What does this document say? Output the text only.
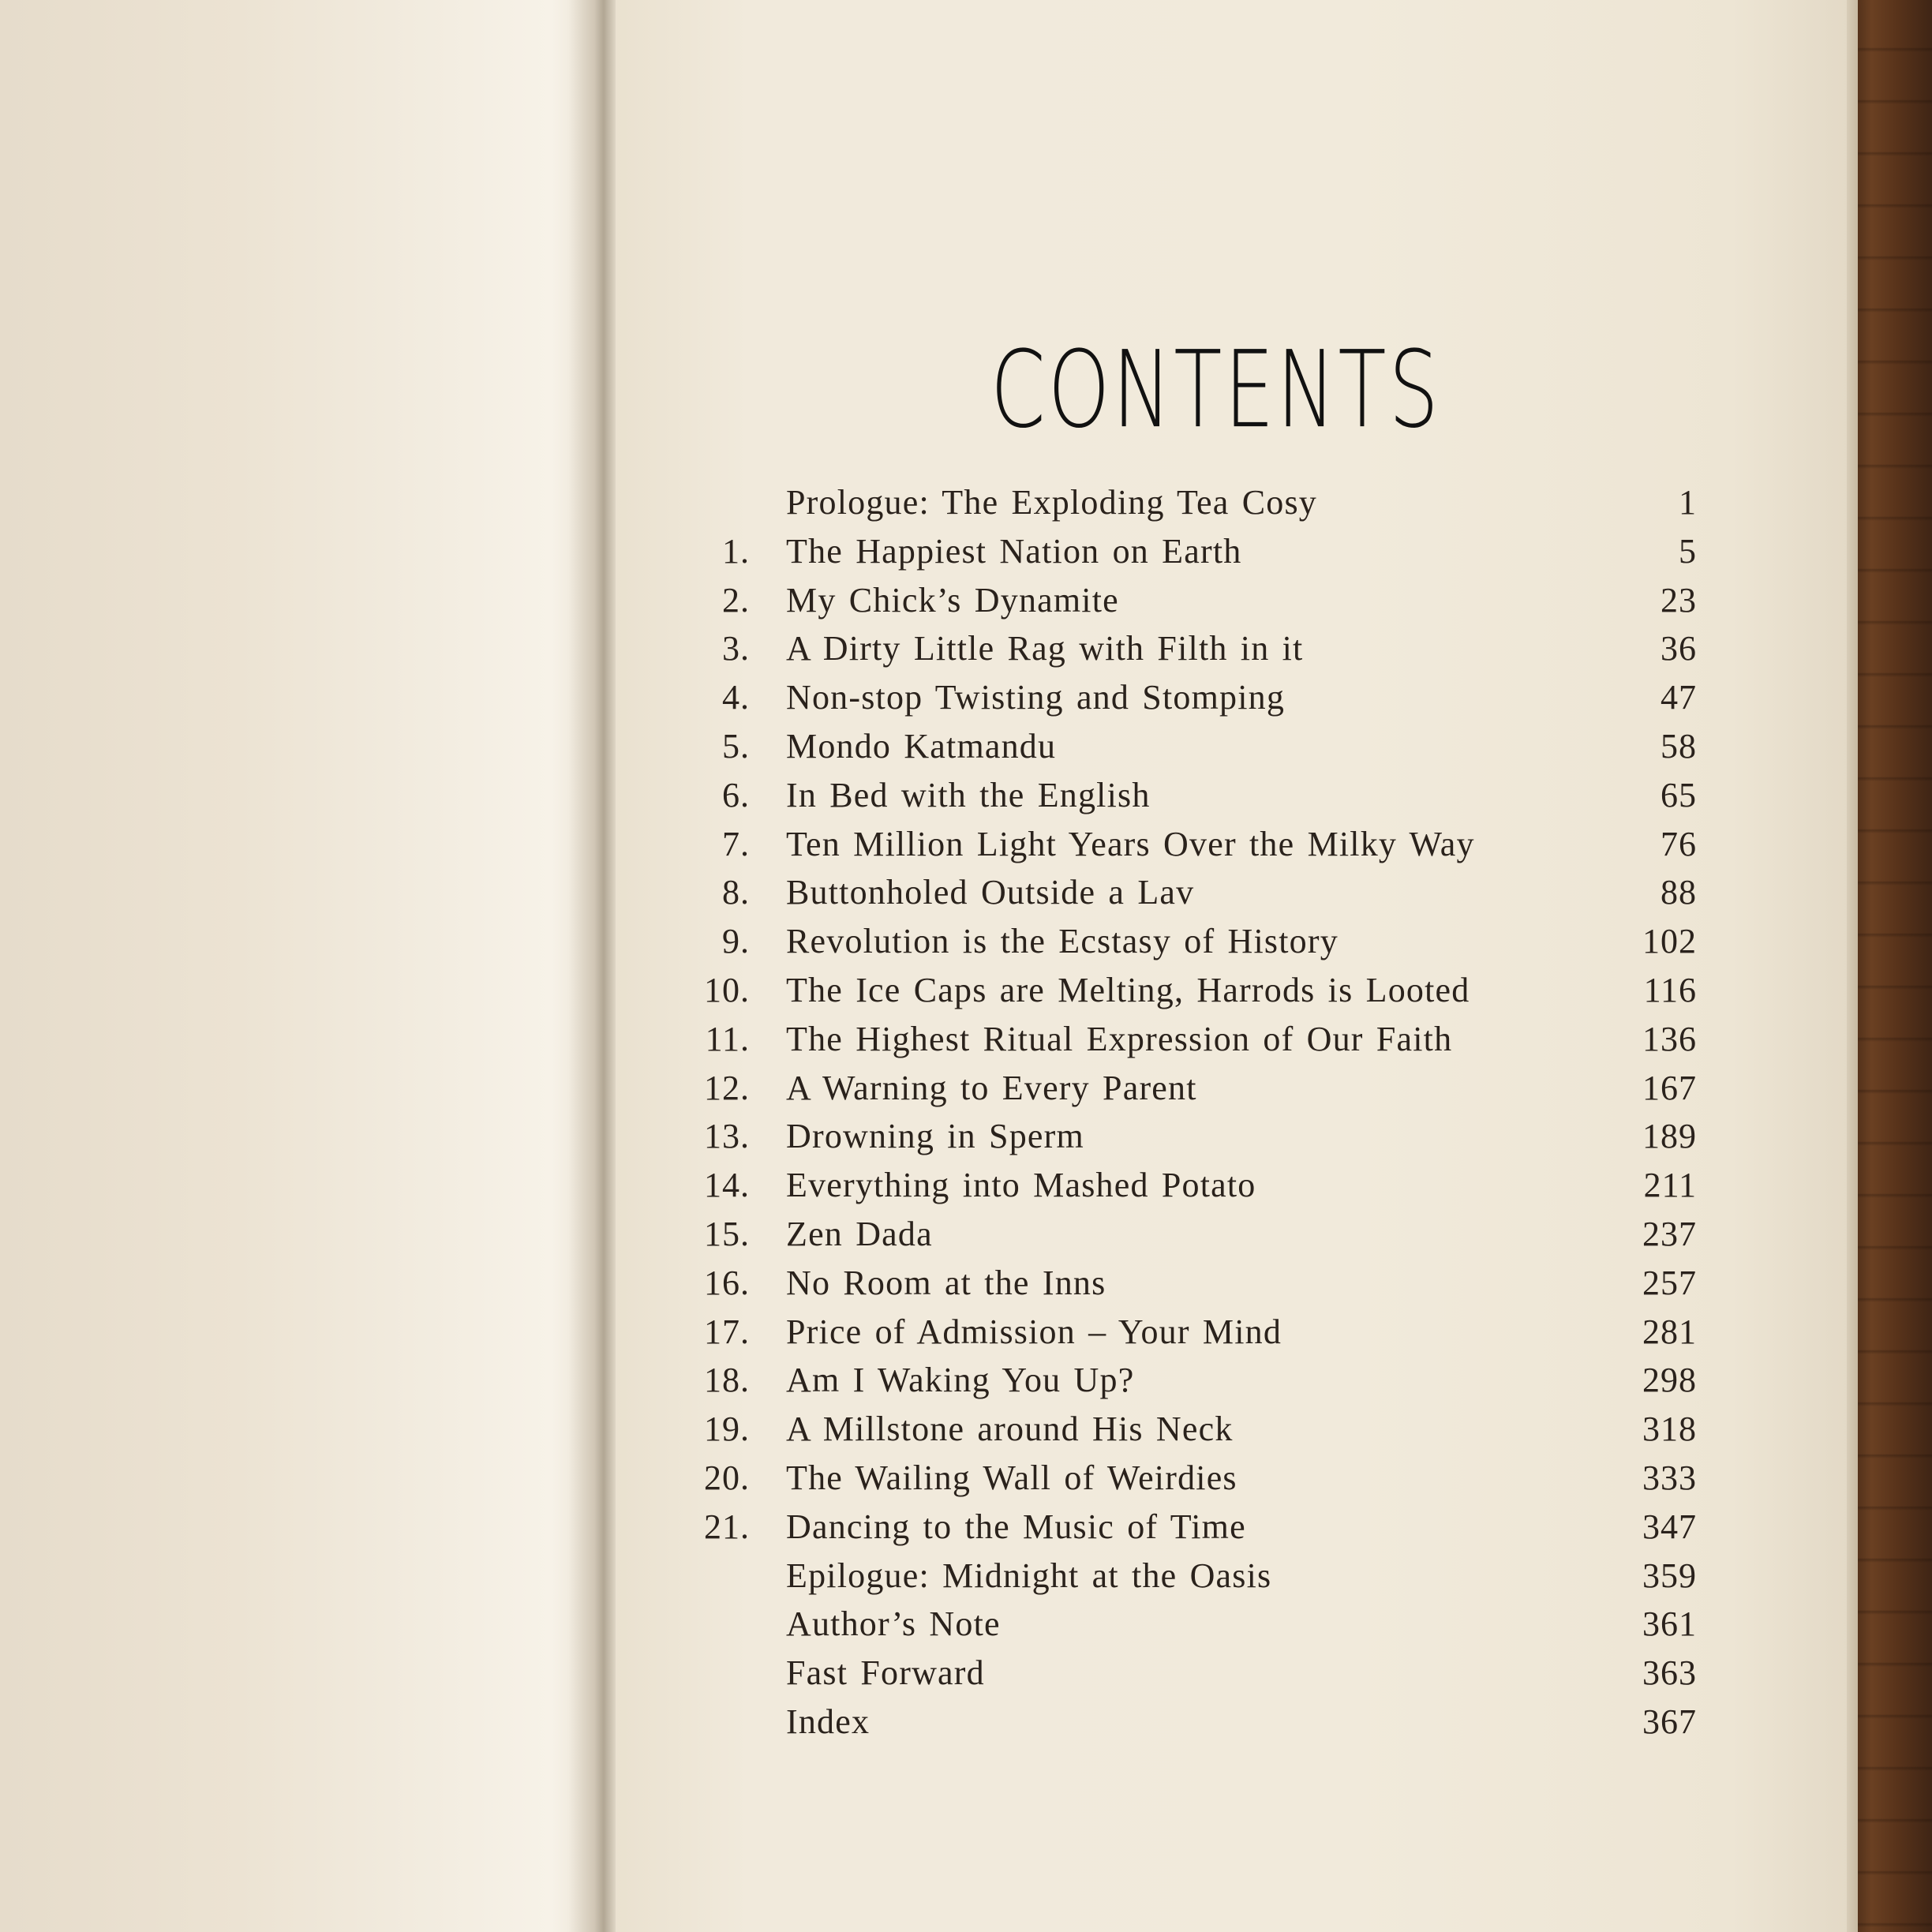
CONTENTS
Prologue: The Exploding Tea Cosy	1
1. The Happiest Nation on Earth	5
2. My Chick’s Dynamite	23
3. A Dirty Little Rag with Filth in it	36
4. Non-stop Twisting and Stomping	47
5. Mondo Katmandu	58
6. In Bed with the English	65
7. Ten Million Light Years Over the Milky Way	76
8. Buttonholed Outside a Lav	88
9. Revolution is the Ecstasy of History	102
10. The Ice Caps are Melting, Harrods is Looted	116
11. The Highest Ritual Expression of Our Faith	136
12. A Warning to Every Parent	167
13. Drowning in Sperm	189
14. Everything into Mashed Potato	211
15. Zen Dada	237
16. No Room at the Inns	257
17. Price of Admission – Your Mind	281
18. Am I Waking You Up?	298
19. A Millstone around His Neck	318
20. The Wailing Wall of Weirdies	333
21. Dancing to the Music of Time	347
Epilogue: Midnight at the Oasis	359
Author’s Note	361
Fast Forward	363
Index	367
